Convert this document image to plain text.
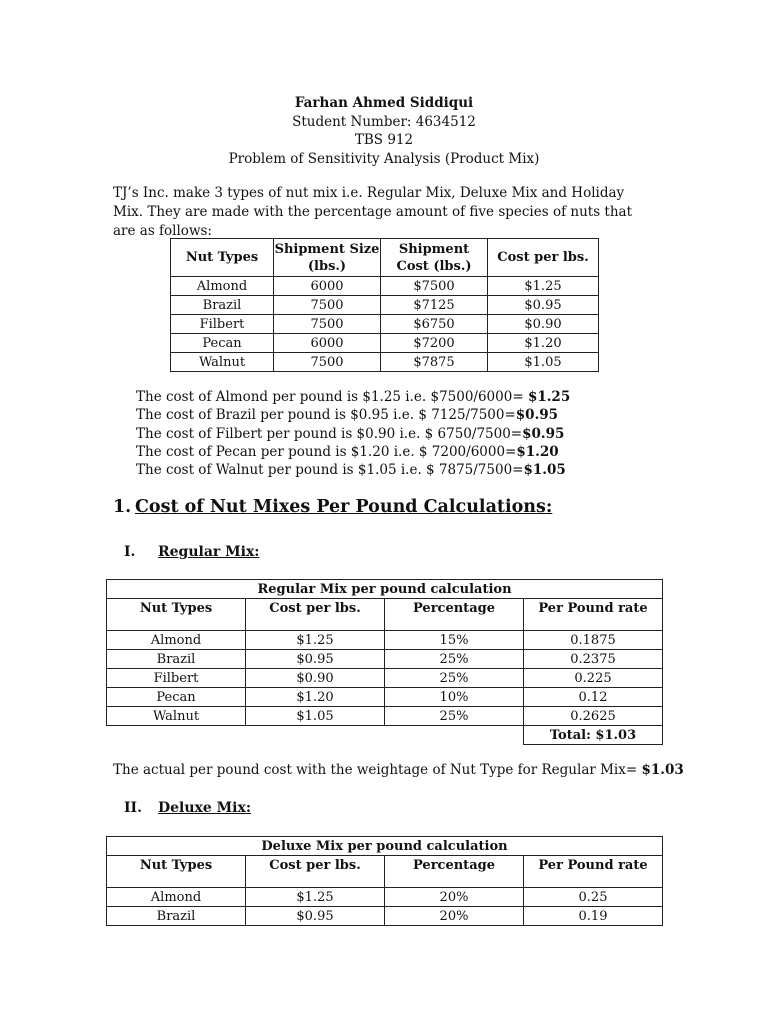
Farhan Ahmed Siddiqui
Student Number: 4634512
TBS 912
Problem of Sensitivity Analysis (Product Mix)
TJ’s Inc. make 3 types of nut mix i.e. Regular Mix, Deluxe Mix and Holiday Mix. They are made with the percentage amount of five species of nuts that are as follows:
Nut Types	Shipment Size (lbs.)	Shipment Cost (lbs.)	Cost per lbs.
Almond	6000	$7500	$1.25
Brazil	7500	$7125	$0.95
Filbert	7500	$6750	$0.90
Pecan	6000	$7200	$1.20
Walnut	7500	$7875	$1.05
The cost of Almond per pound is $1.25 i.e. $7500/6000= $1.25
The cost of Brazil per pound is $0.95 i.e. $ 7125/7500=$0.95
The cost of Filbert per pound is $0.90 i.e. $ 6750/7500=$0.95
The cost of Pecan per pound is $1.20 i.e. $ 7200/6000=$1.20
The cost of Walnut per pound is $1.05 i.e. $ 7875/7500=$1.05
1. Cost of Nut Mixes Per Pound Calculations:
I. Regular Mix:
Regular Mix per pound calculation			
Nut Types	Cost per lbs.	Percentage	Per Pound rate
Almond	$1.25	15%	0.1875
Brazil	$0.95	25%	0.2375
Filbert	$0.90	25%	0.225
Pecan	$1.20	10%	0.12
Walnut	$1.05	25%	0.2625
			Total: $1.03
The actual per pound cost with the weightage of Nut Type for Regular Mix= $1.03
II. Deluxe Mix:
Deluxe Mix per pound calculation			
Nut Types	Cost per lbs.	Percentage	Per Pound rate
Almond	$1.25	20%	0.25
Brazil	$0.95	20%	0.19
